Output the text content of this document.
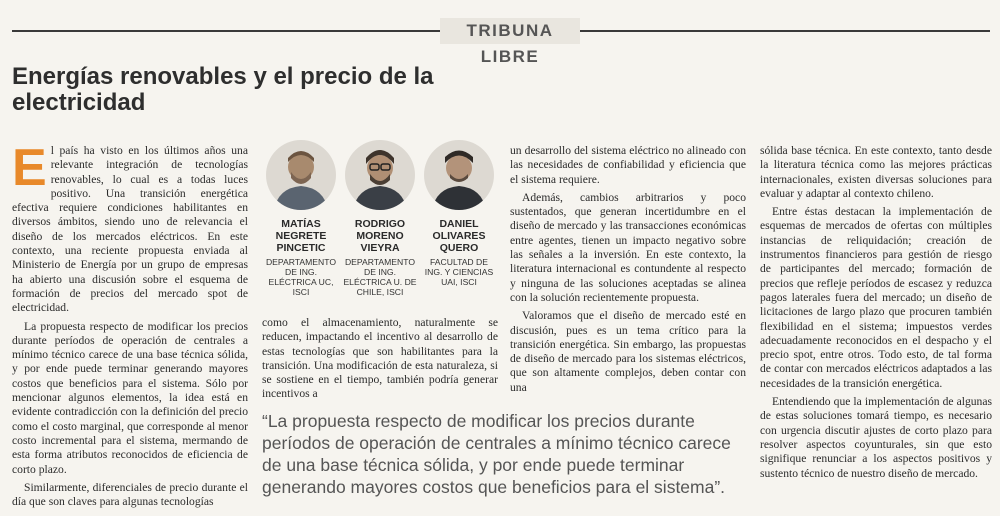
TRIBUNA LIBRE
Energías renovables y el precio de la electricidad

El país ha visto en los últimos años una relevante integración de tecnologías renovables, lo cual es a todas luces positivo. Una transición energética efectiva requiere condiciones habilitantes en diversos ámbitos, siendo uno de relevancia el diseño de los mercados eléctricos. En este contexto, una reciente propuesta enviada al Ministerio de Energía por un grupo de empresas ha abierto una discusión sobre el esquema de formación de precios del mercado spot de electricidad.

La propuesta respecto de modificar los precios durante períodos de operación de centrales a mínimo técnico carece de una base técnica sólida, y por ende puede terminar generando mayores costos que beneficios para el sistema. Sólo por mencionar algunos elementos, la idea está en evidente contradicción con la definición del precio como el costo marginal, que corresponde al menor costo incremental para el sistema, mermando de esta forma atributos reconocidos de eficiencia de corto plazo.

Similarmente, diferenciales de precio durante el día que son claves para algunas tecnologías

MATÍAS
NEGRETE
PINCETIC
DEPARTAMENTO
DE ING.
ELÉCTRICA UC,
ISCI
RODRIGO
MORENO
VIEYRA
DEPARTAMENTO
DE ING.
ELÉCTRICA U. DE
CHILE, ISCI
DANIEL
OLIVARES
QUERO
FACULTAD DE
ING. Y CIENCIAS
UAI, ISCI

como el almacenamiento, naturalmente se reducen, impactando el incentivo al desarrollo de estas tecnologías que son habilitantes para la transición. Una modificación de esta naturaleza, si se sostiene en el tiempo, también podría generar incentivos a

un desarrollo del sistema eléctrico no alineado con las necesidades de confiabilidad y eficiencia que el sistema requiere.

Además, cambios arbitrarios y poco sustentados, que generan incertidumbre en el diseño de mercado y las transacciones económicas entre agentes, tienen un impacto negativo sobre las señales a la inversión. En este contexto, la literatura internacional es contundente al respecto y ninguna de las soluciones aceptadas se alinea con la solución recientemente propuesta.

Valoramos que el diseño de mercado esté en discusión, pues es un tema crítico para la transición energética. Sin embargo, las propuestas de diseño de mercado para los sistemas eléctricos, que son altamente complejos, deben contar con una

sólida base técnica. En este contexto, tanto desde la literatura técnica como las mejores prácticas internacionales, existen diversas soluciones para evaluar y adaptar al contexto chileno.

Entre éstas destacan la implementación de esquemas de mercados de ofertas con múltiples instancias de reliquidación; creación de instrumentos financieros para gestión de riesgo de participantes del mercado; formación de precios que refleje períodos de escasez y reduzca pagos laterales fuera del mercado; un diseño de licitaciones de largo plazo que procuren también flexibilidad en el sistema; impuestos verdes adecuadamente reconocidos en el despacho y el precio spot, entre otros. Todo esto, de tal forma de contar con mercados eléctricos adaptados a las necesidades de la transición energética.

Entendiendo que la implementación de algunas de estas soluciones tomará tiempo, es necesario con urgencia discutir ajustes de corto plazo para resolver aspectos coyunturales, sin que esto signifique renunciar a los aspectos positivos y sustento técnico de nuestro diseño de mercado.

“La propuesta respecto de modificar los precios durante períodos de operación de centrales a mínimo técnico carece de una base técnica sólida, y por ende puede terminar generando mayores costos que beneficios para el sistema”.
